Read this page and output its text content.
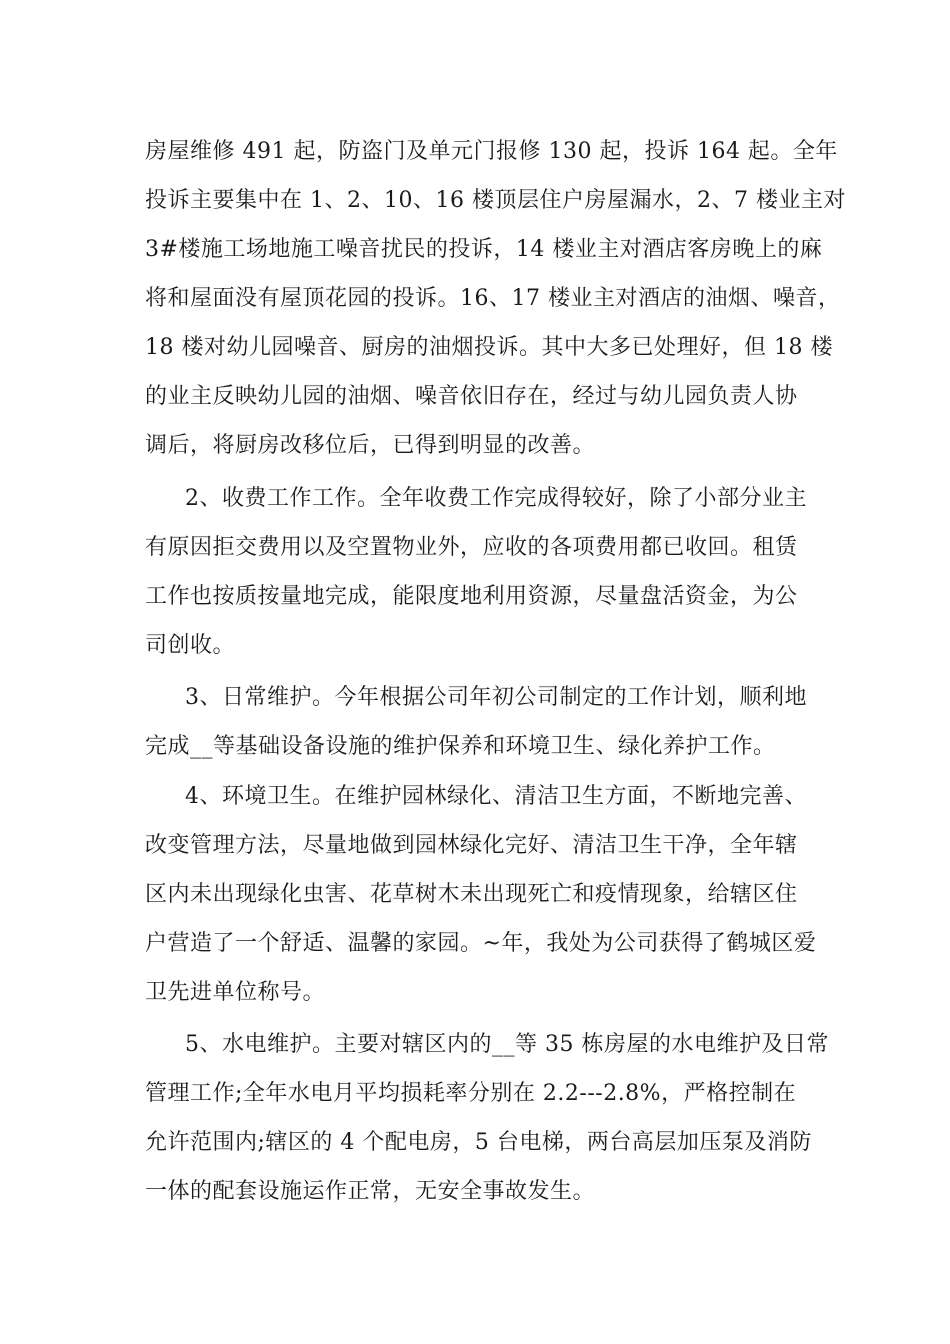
房屋维修 491 起，防盗门及单元门报修 130 起，投诉 164 起。全年
投诉主要集中在 1、2、10、16 楼顶层住户房屋漏水，2、7 楼业主对
3#楼施工场地施工噪音扰民的投诉，14 楼业主对酒店客房晚上的麻
将和屋面没有屋顶花园的投诉。16、17 楼业主对酒店的油烟、噪音，
18 楼对幼儿园噪音、厨房的油烟投诉。其中大多已处理好，但 18 楼
的业主反映幼儿园的油烟、噪音依旧存在，经过与幼儿园负责人协
调后，将厨房改移位后，已得到明显的改善。
2、收费工作工作。全年收费工作完成得较好，除了小部分业主
有原因拒交费用以及空置物业外，应收的各项费用都已收回。租赁
工作也按质按量地完成，能限度地利用资源，尽量盘活资金，为公
司创收。
3、日常维护。今年根据公司年初公司制定的工作计划，顺利地
完成__等基础设备设施的维护保养和环境卫生、绿化养护工作。
4、环境卫生。在维护园林绿化、清洁卫生方面，不断地完善、
改变管理方法，尽量地做到园林绿化完好、清洁卫生干净，全年辖
区内未出现绿化虫害、花草树木未出现死亡和疫情现象，给辖区住
户营造了一个舒适、温馨的家园。~年，我处为公司获得了鹤城区爱
卫先进单位称号。
5、水电维护。主要对辖区内的__等 35 栋房屋的水电维护及日常
管理工作;全年水电月平均损耗率分别在 2.2---2.8%，严格控制在
允许范围内;辖区的 4 个配电房，5 台电梯，两台高层加压泵及消防
一体的配套设施运作正常，无安全事故发生。
